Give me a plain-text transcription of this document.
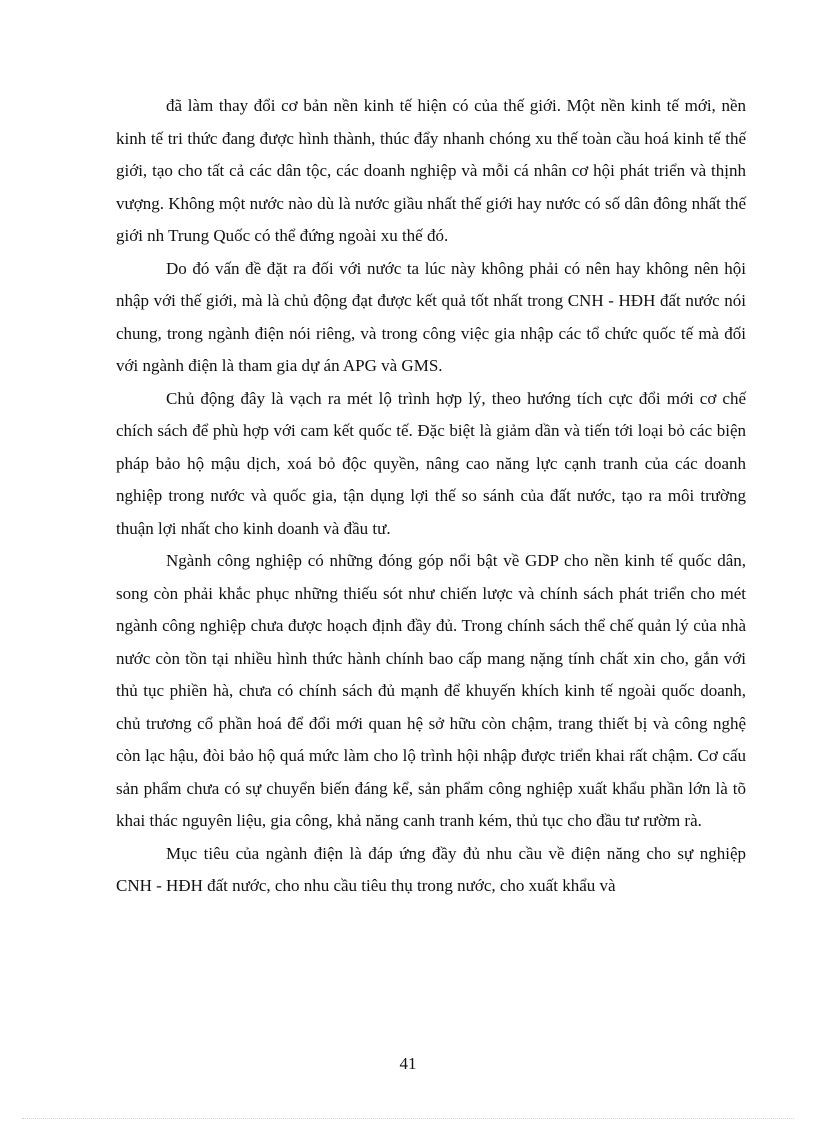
đã làm thay đổi cơ bản nền kinh tế hiện có của thế giới. Một nền kinh tế mới, nền kinh tế tri thức đang được hình thành, thúc đẩy nhanh chóng xu thế toàn cầu hoá kinh tế thế giới, tạo cho tất cả các dân tộc, các doanh nghiệp và mỗi cá nhân cơ hội phát triển và thịnh vượng. Không một nước nào dù là nước giầu nhất thế giới hay nước có số dân đông nhất thế giới nh Trung Quốc có thể đứng ngoài xu thế đó.

Do đó vấn đề đặt ra đối với nước ta lúc này không phải có nên hay không nên hội nhập với thế giới, mà là chủ động đạt được kết quả tốt nhất trong CNH - HĐH đất nước nói chung, trong ngành điện nói riêng, và trong công việc gia nhập các tổ chức quốc tế mà đối với ngành điện là tham gia dự án APG và GMS.

Chủ động đây là vạch ra mét lộ trình hợp lý, theo hướng tích cực đổi mới cơ chế chích sách để phù hợp với cam kết quốc tế. Đặc biệt là giảm dần và tiến tới loại bỏ các biện pháp bảo hộ mậu dịch, xoá bỏ độc quyền, nâng cao năng lực cạnh tranh của các doanh nghiệp trong nước và quốc gia, tận dụng lợi thế so sánh của đất nước, tạo ra môi trường thuận lợi nhất cho kinh doanh và đầu tư.

Ngành công nghiệp có những đóng góp nổi bật về GDP cho nền kinh tế quốc dân, song còn phải khắc phục những thiếu sót như chiến lược và chính sách phát triển cho mét ngành công nghiệp chưa được hoạch định đầy đủ. Trong chính sách thể chế quản lý của nhà nước còn tồn tại nhiều hình thức hành chính bao cấp mang nặng tính chất xin cho, gắn với thủ tục phiền hà, chưa có chính sách đủ mạnh để khuyến khích kinh tế ngoài quốc doanh, chủ trương cổ phần hoá để đổi mới quan hệ sở hữu còn chậm, trang thiết bị và công nghệ còn lạc hậu, đòi bảo hộ quá mức làm cho lộ trình hội nhập được triển khai rất chậm. Cơ cấu sản phẩm chưa có sự chuyển biến đáng kể, sản phẩm công nghiệp xuất khẩu phần lớn là tõ khai thác nguyên liệu, gia công, khả năng canh tranh kém, thủ tục cho đầu tư rườm rà.

Mục tiêu của ngành điện là đáp ứng đầy đủ nhu cầu về điện năng cho sự nghiệp CNH - HĐH đất nước, cho nhu cầu tiêu thụ trong nước, cho xuất khẩu và

41
